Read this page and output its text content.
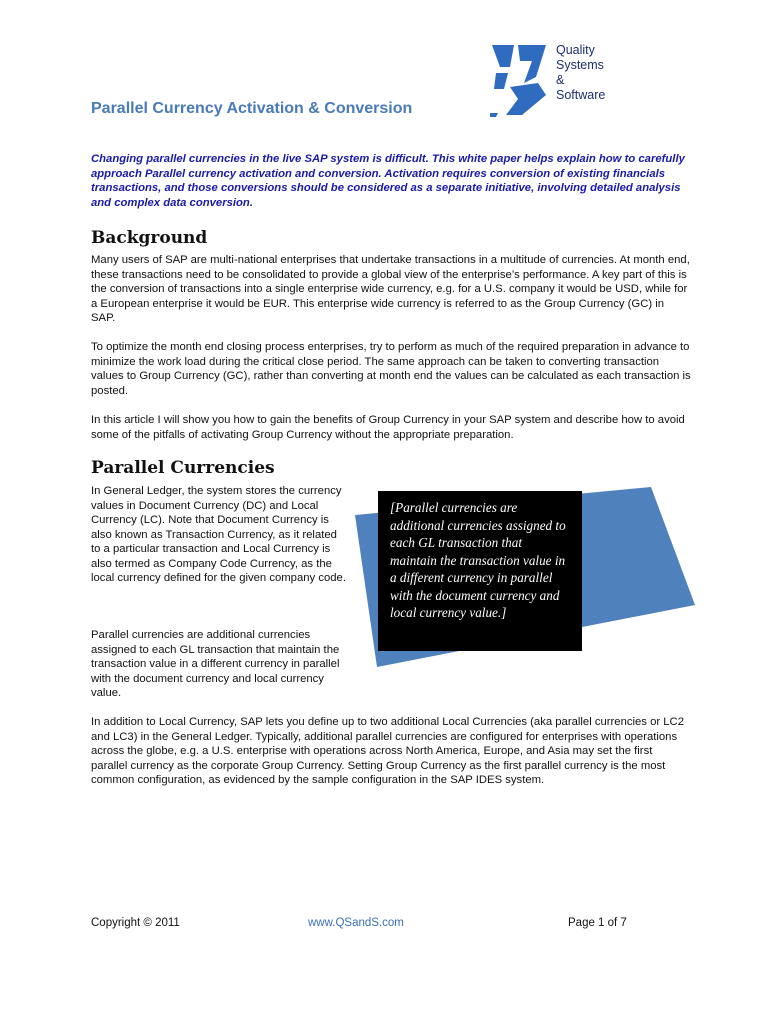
Parallel Currency Activation & Conversion
Quality
Systems
&
Software

Changing parallel currencies in the live SAP system is difficult. This white paper helps explain how to carefully approach Parallel currency activation and conversion. Activation requires conversion of existing financials transactions, and those conversions should be considered as a separate initiative, involving detailed analysis and complex data conversion.

Background

Many users of SAP are multi-national enterprises that undertake transactions in a multitude of currencies. At month end, these transactions need to be consolidated to provide a global view of the enterprise’s performance. A key part of this is the conversion of transactions into a single enterprise wide currency, e.g. for a U.S. company it would be USD, while for a European enterprise it would be EUR. This enterprise wide currency is referred to as the Group Currency (GC) in SAP.

To optimize the month end closing process enterprises, try to perform as much of the required preparation in advance to minimize the work load during the critical close period. The same approach can be taken to converting transaction values to Group Currency (GC), rather than converting at month end the values can be calculated as each transaction is posted.

In this article I will show you how to gain the benefits of Group Currency in your SAP system and describe how to avoid some of the pitfalls of activating Group Currency without the appropriate preparation.

Parallel Currencies

In General Ledger, the system stores the currency values in Document Currency (DC) and Local Currency (LC). Note that Document Currency is also known as Transaction Currency, as it related to a particular transaction and Local Currency is also termed as Company Code Currency, as the local currency defined for the given company code.

Parallel currencies are additional currencies assigned to each GL transaction that maintain the transaction value in a different currency in parallel with the document currency and local currency value.

[Parallel currencies are additional currencies assigned to each GL transaction that maintain the transaction value in a different currency in parallel with the document currency and local currency value.]

In addition to Local Currency, SAP lets you define up to two additional Local Currencies (aka parallel currencies or LC2 and LC3) in the General Ledger. Typically, additional parallel currencies are configured for enterprises with operations across the globe, e.g. a U.S. enterprise with operations across North America, Europe, and Asia may set the first parallel currency as the corporate Group Currency. Setting Group Currency as the first parallel currency is the most common configuration, as evidenced by the sample configuration in the SAP IDES system.

Copyright © 2011	www.QSandS.com	Page 1 of 7
